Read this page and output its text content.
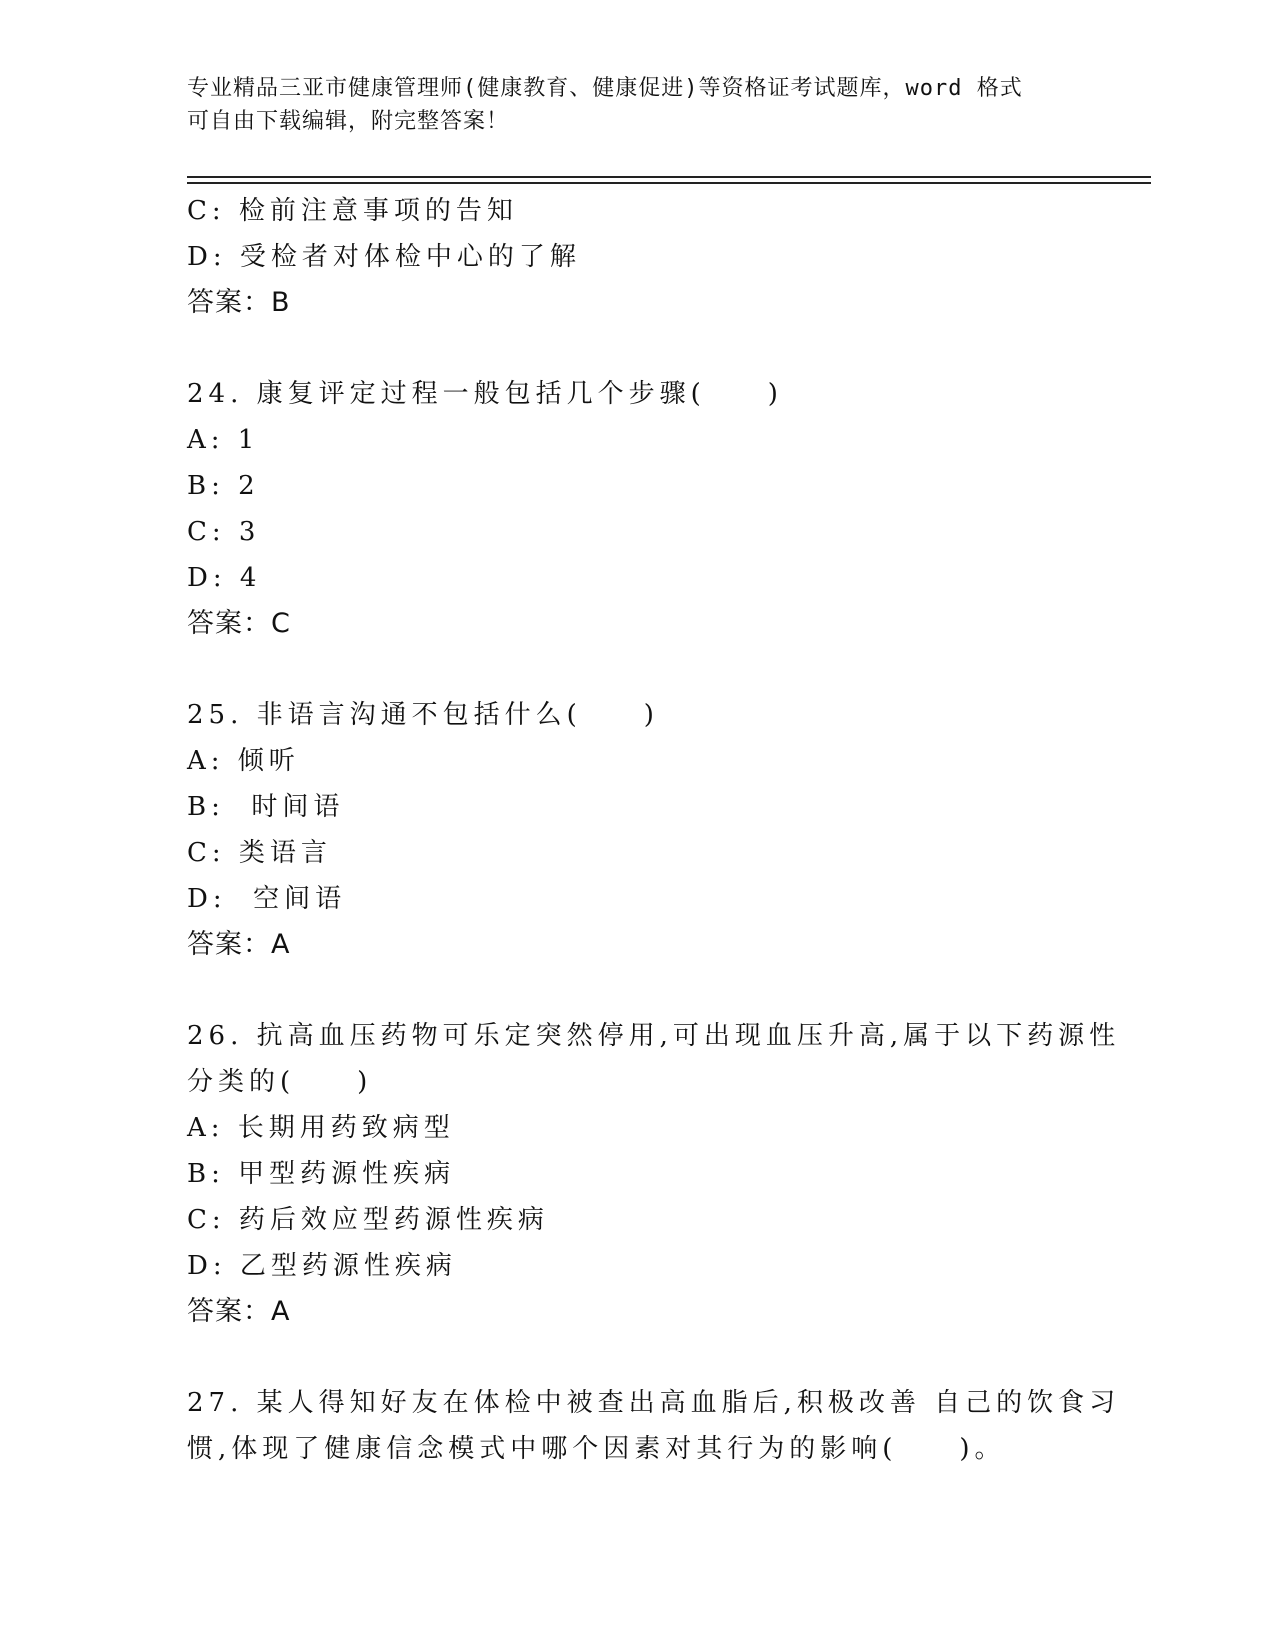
专业精品三亚市健康管理师(健康教育、健康促进)等资格证考试题库，word 格式
可自由下载编辑，附完整答案！
C: 检前注意事项的告知
D: 受检者对体检中心的了解
答案：B
24. 康复评定过程一般包括几个步骤(　　)
A: 1
B: 2
C: 3
D: 4
答案：C
25. 非语言沟通不包括什么(　　)
A: 倾听
B:  时间语
C: 类语言
D:  空间语
答案：A
26. 抗高血压药物可乐定突然停用,可出现血压升高,属于以下药源性
分类的(　　)
A: 长期用药致病型
B: 甲型药源性疾病
C: 药后效应型药源性疾病
D: 乙型药源性疾病
答案：A
27. 某人得知好友在体检中被查出高血脂后,积极改善 自己的饮食习
惯,体现了健康信念模式中哪个因素对其行为的影响(　　)。
